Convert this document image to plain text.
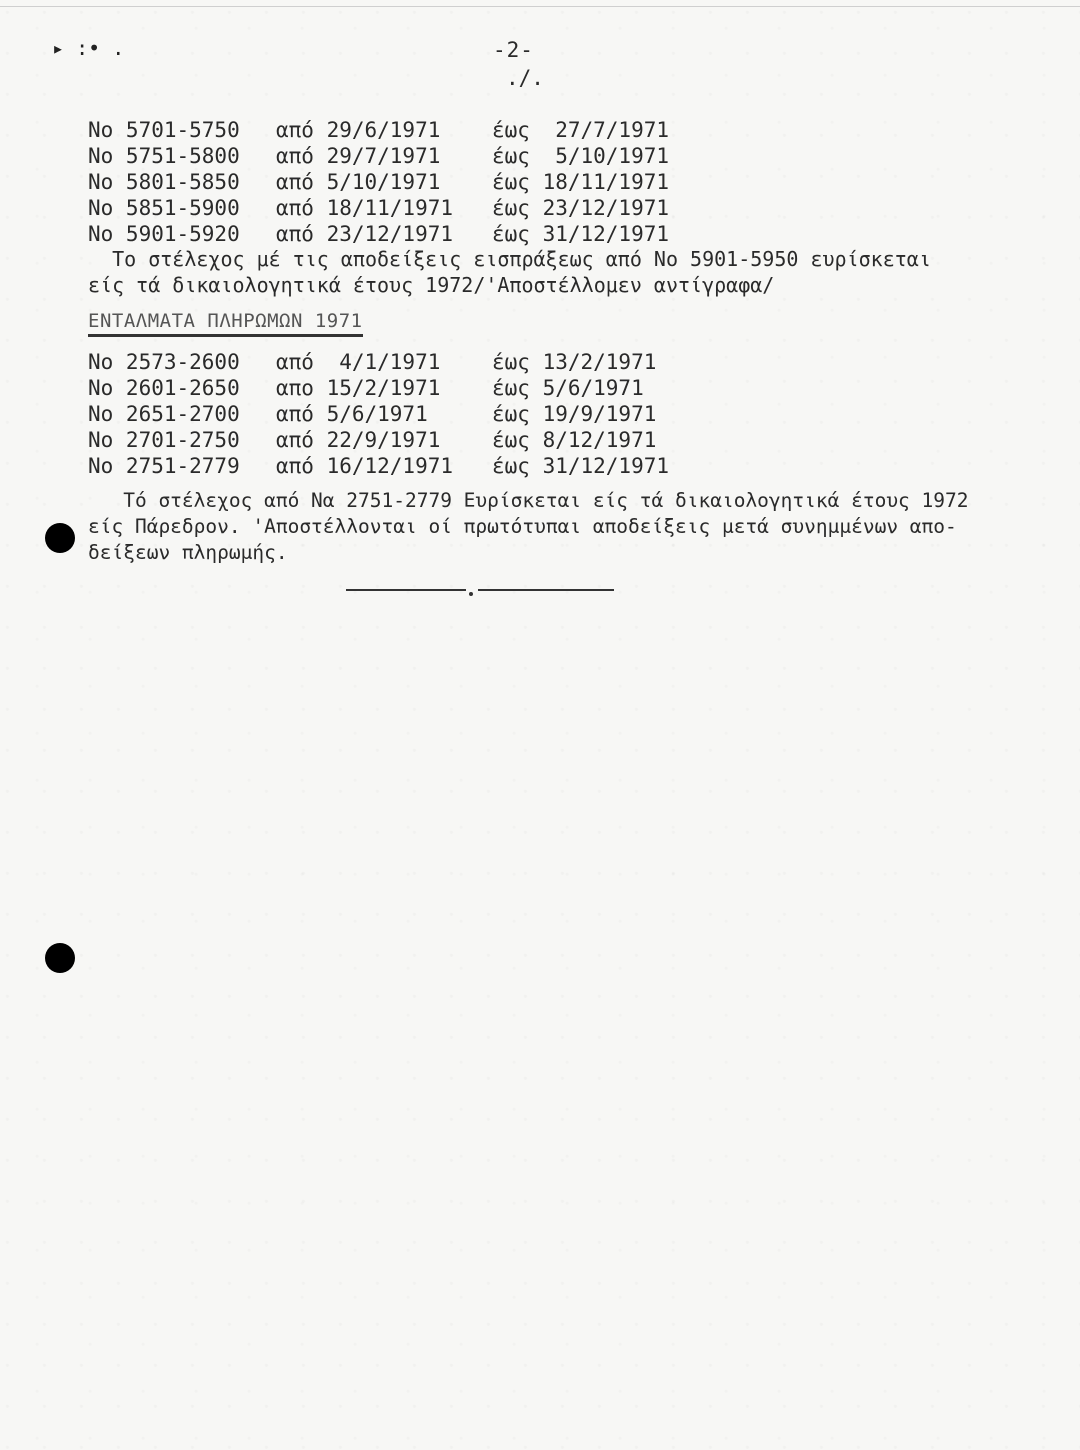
▸ :• .	-2-
./.
No 5701-5750 από 29/6/1971 έως  27/7/1971
No 5751-5800 από 29/7/1971 έως  5/10/1971
No 5801-5850 από 5/10/1971 έως 18/11/1971
No 5851-5900 από 18/11/1971 έως 23/12/1971
No 5901-5920 από 23/12/1971 έως 31/12/1971
Το στέλεχος μέ τις αποδείξεις εισπράξεως από No 5901-5950 ευρίσκεται
είς τά δικαιολογητικά έτους 1972/'Αποστέλλομεν αντίγραφα/
ΕΝΤΑΛΜΑΤΑ ΠΛΗΡΩΜΩΝ 1971
No 2573-2600 από  4/1/1971 έως 13/2/1971
No 2601-2650 απο 15/2/1971 έως 5/6/1971
No 2651-2700 από 5/6/1971	έως 19/9/1971
No 2701-2750 από 22/9/1971 έως 8/12/1971
No 2751-2779 από 16/12/1971 έως 31/12/1971
Τό στέλεχος από Nα 2751-2779 Ευρίσκεται είς τά δικαιολογητικά έτους 1972
είς Πάρεδρον. 'Αποστέλλονται οί πρωτότυπαι αποδείξεις μετά συνημμένων απο-
δείξεων πληρωμής.
